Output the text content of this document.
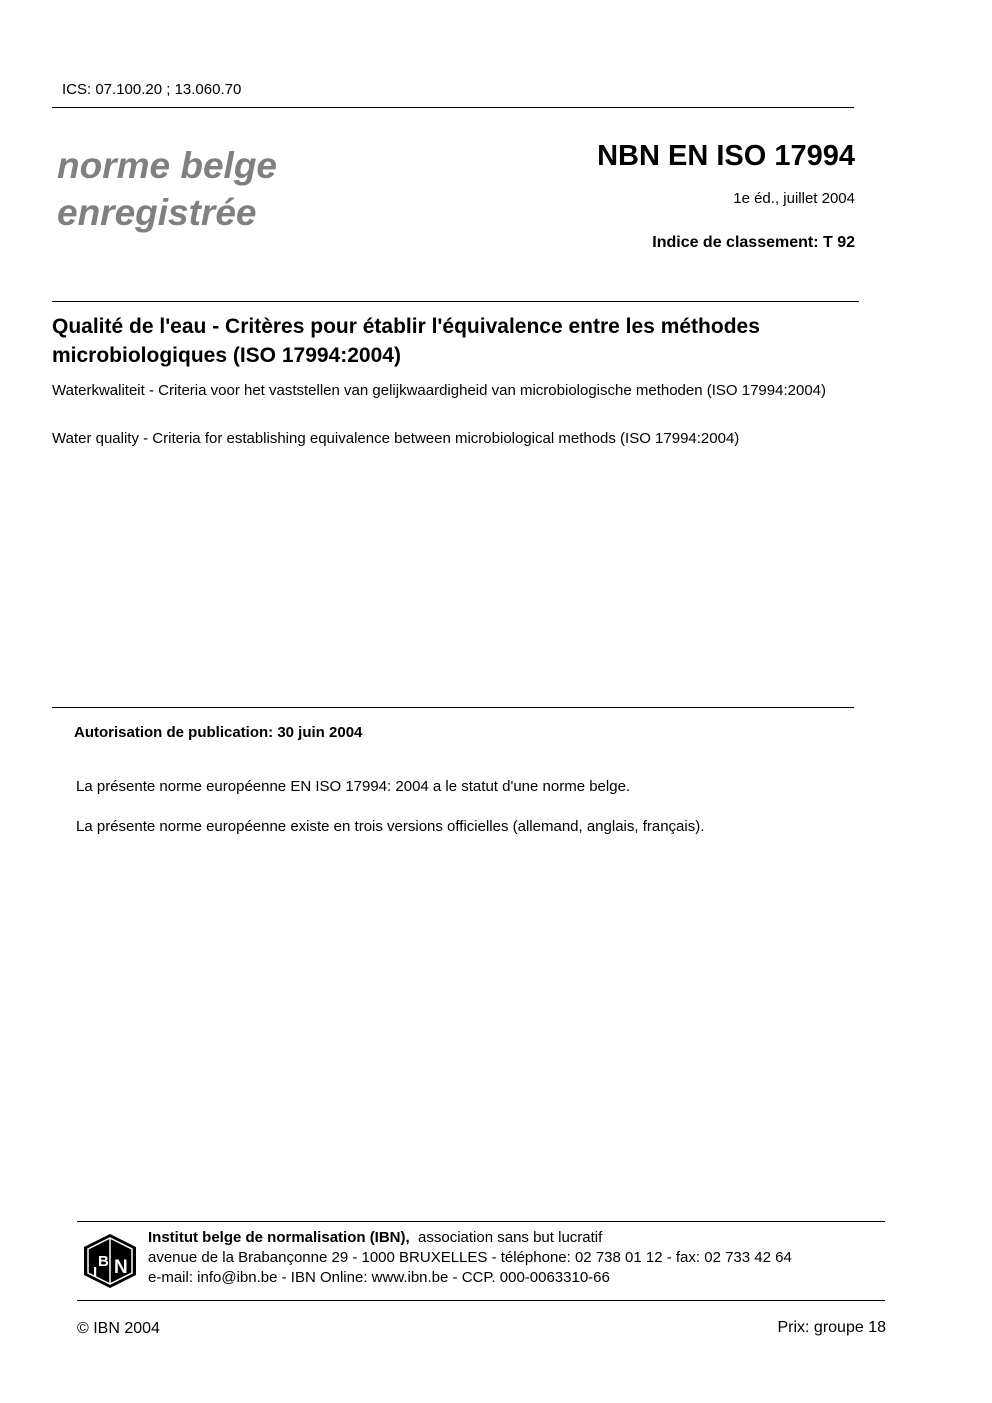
ICS: 07.100.20 ; 13.060.70
norme belge
enregistrée
NBN EN ISO 17994
1e éd., juillet 2004
Indice de classement: T 92
Qualité de l'eau - Critères pour établir l'équivalence entre les méthodes microbiologiques (ISO 17994:2004)
Waterkwaliteit - Criteria voor het vaststellen van gelijkwaardigheid van microbiologische methoden (ISO 17994:2004)
Water quality - Criteria for establishing equivalence between microbiological methods (ISO 17994:2004)
Autorisation de publication: 30 juin 2004
La présente norme européenne EN ISO 17994: 2004 a le statut d'une norme belge.
La présente norme européenne existe en trois versions officielles (allemand, anglais, français).
I
B N
Institut belge de normalisation (IBN), association sans but lucratif
avenue de la Brabançonne 29 - 1000 BRUXELLES - téléphone: 02 738 01 12 - fax: 02 733 42 64
e-mail: info@ibn.be - IBN Online: www.ibn.be - CCP. 000-0063310-66
© IBN 2004	Prix: groupe 18
